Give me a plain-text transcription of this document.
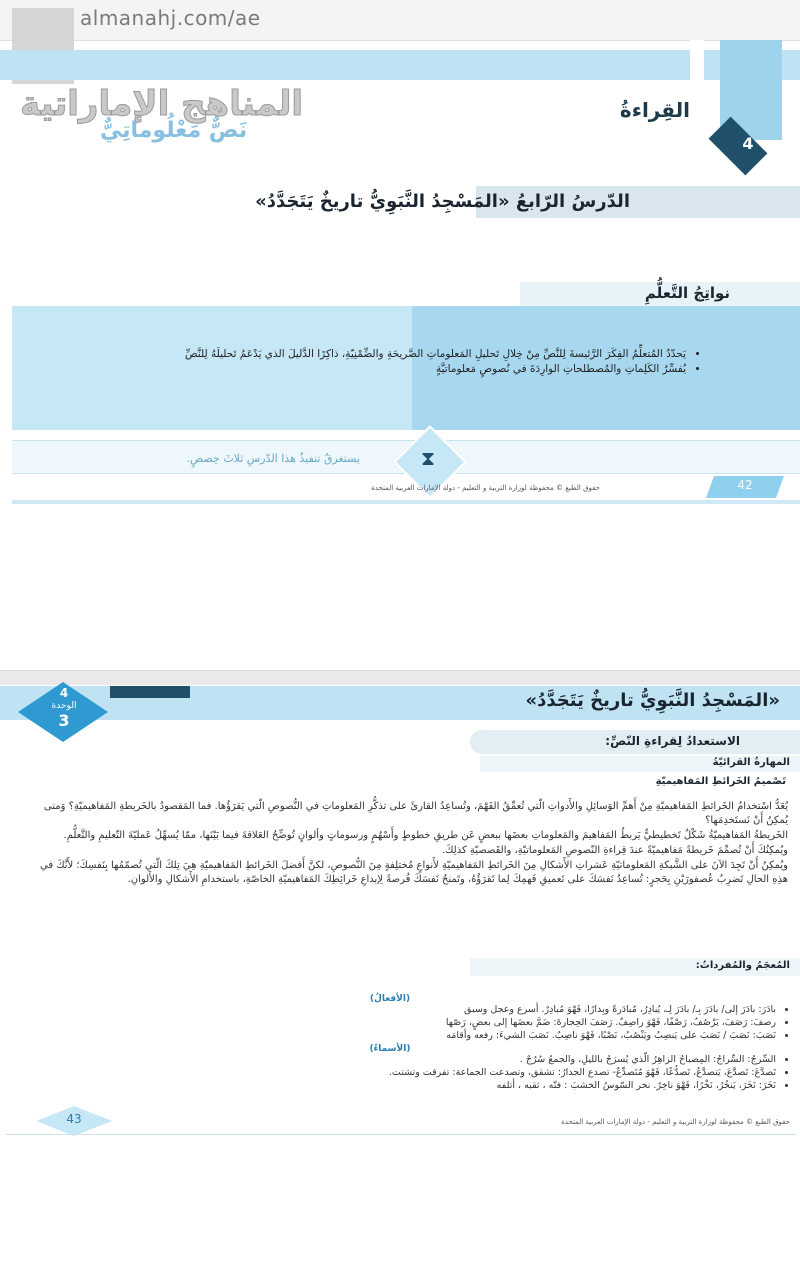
almanahj.com/ae
المناهج الإماراتية
4
القِراءةُ
نَصٌّ مَعْلُوماتِيٌّ
الدّرسُ الرّابعُ «المَسْجِدُ النَّبَوِيُّ تاريخٌ يَتَجَدَّدُ»
نواتِجُ التَّعلُّمِ
• يَحدّدُ المُتعلِّمُ الفِكَرَ الرَّئيسةَ لِلنَّصِّ مِنْ خِلالِ تَحليلِ المَعلوماتِ الصَّريحَةِ والضِّمْنِيّةِ، ذاكِرًا الدَّليلَ الذي يَدْعَمُ تَحليلَهُ لِلنَّصِّ
• يُفسِّرُ الكَلِماتِ والمُصطلحاتِ الوارِدَةَ في نُصوصٍ مَعلوماتيَّةٍ
يستغرقُ تنفيذُ هذا الدّرسِ ثلاثَ حِصصٍ.	⧗
حقوق الطبع © محفوظة لوزارة التربية و التعليم - دولة الإمارات العربية المتحدة	42
«المَسْجِدُ النَّبَوِيُّ تاريخٌ يَتَجَدَّدُ»
4
الوحدة
3
الاستعدادُ لِقراءةِ النّصِّ:
المهارةُ القرائيّةُ
تَصْميمُ الخَرائطِ المَفاهيميّةِ

يُعَدُّ اسْتخدامُ الخَرائطِ المَفاهيميّةِ مِنْ أَهمِّ الوَسائِلِ والأَدواتِ الّتي تُعمِّقُ الفَهْمَ، وتُساعِدُ القارئَ على تذكُّرِ المَعلوماتِ في النُّصوصِ الّتي يَقرَؤُها. فما المَقصودُ بالخَريطةِ المَفاهيميّةِ؟ وَمتى يُمكِنُ أَنْ نَستَخدِمَها؟

الخَريطةُ المَفاهيميّةُ شَكْلٌ تَخطيطيٌّ يَربطُ المَفاهيمَ والمَعلوماتِ بعضَها ببعضٍ عَن طريقِ خطوطٍ وأَسْهُمٍ ورسوماتٍ وألوانٍ تُوضِّحُ العَلاقةَ فيما بَيْنَها، ممّا يُسهِّلُ عَمليّةَ التّعليمِ والتَّعلُّمِ.

ويُمكِنُكَ أَنْ تُصمِّمَ خَريطةً مَفاهيميّةً عندَ قِراءةِ النّصوصِ المَعلوماتيّةِ، والقَصصيّةِ كذلِكَ.

ويُمكِنُ أَنْ تَجِدَ الآنَ على الشَّبكةِ المَعلوماتيّةِ عَشراتِ الأَشكالِ مِنَ الخَرائطِ المَفاهيميّةِ لأَنواعٍ مُختلِفةٍ مِنَ النُّصوصِ، لكنَّ أَفضلَ الخَرائطِ المَفاهيميّةِ هِيَ تِلكَ الّتي تُصمّمُها بِنَفسِكَ؛ لأَنَّكَ في هذِهِ الحالِ تَضرِبُ عُصفورَيْنِ بِحَجرٍ: تُساعِدُ نَفسَكَ على تَعميقِ فَهمِكَ لِما تَقرَؤُهُ، وتَمنحُ نَفسَكَ فُرصةً لِإبداعِ خَرائِطِكَ المَفاهيميّةِ الخاصّةِ، باستخدامِ الأَشكالِ والأَلوانِ.

المُعجَمُ والمُفرداتُ:
(الأفعالُ)
• بادَرَ: بادَرَ إلى/ بادَرَ بِـ/ بادَرَ لِـ، يُبادِرُ، مُبادَرةً وبِدارًا، فَهْوَ مُبادِرٌ. أسرع وعجل وسبق
• رصفَ: رَصَفَ، يَرْصُفُ، رَصْفًا، فَهْوَ راصِفٌ. رَصَفَ الحِجارةَ: ضَمَّ بعضَها إلى بعضٍ، رَصّها
• نَصَبَ: نَصَبَ / نَصَبَ على يَنصِبُ ويَنْصُبُ، نَصْبًا، فَهْوَ ناصِبٌ. نَصَبَ الشيءَ: رفعه وأقامَه
(الأسماءُ)
• السِّرجُ: السِّراجُ: المِصباحُ الزاهِرُ الّذي يُسرَجُ بالليلِ، والجمعُ سُرُجٌ .
• تَصدَّعَ: تَصدَّعَ، يَتصدَّعُ، تَصدُّعًا، فَهْوَ مُتَصدِّعٌ- تصدع الجدارُ: تشقق، وتصدعت الجماعة: تفرقت وتشتت.
• نَخَرَ: نَخَرَ، يَنخُرُ، نَخْرًا، فَهْوَ ناخِرٌ. نخر السّوسُ الخشبَ : فتّه ، ثقبه ، أتلفه
43	حقوق الطبع © محفوظة لوزارة التربية و التعليم - دولة الإمارات العربية المتحدة
